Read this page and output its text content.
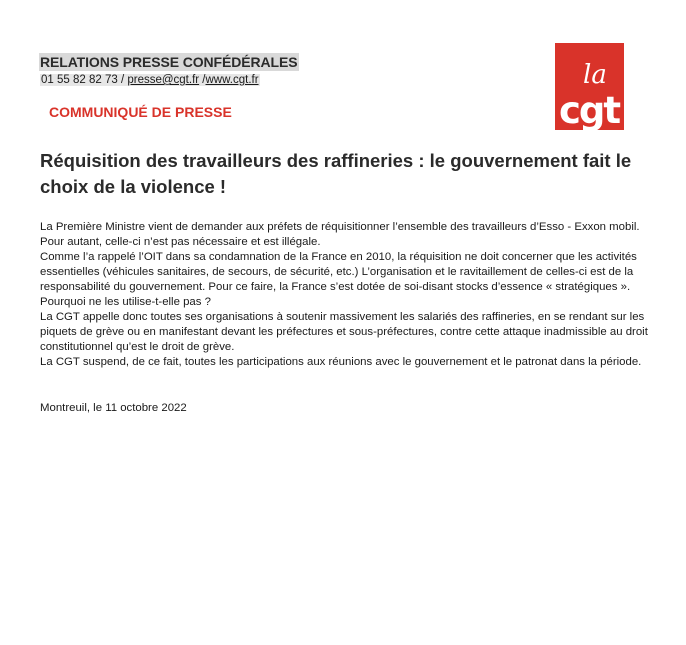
RELATIONS PRESSE CONFÉDÉRALES
01 55 82 82 73 / presse@cgt.fr /www.cgt.fr
COMMUNIQUÉ DE PRESSE
la
cgt
Réquisition des travailleurs des raffineries : le gouvernement fait le choix de la violence !

La Première Ministre vient de demander aux préfets de réquisitionner l’ensemble des travailleurs d’Esso - Exxon mobil.

Pour autant, celle-ci n’est pas nécessaire et est illégale.

Comme l’a rappelé l’OIT dans sa condamnation de la France en 2010, la réquisition ne doit concerner que les activités essentielles (véhicules sanitaires, de secours, de sécurité, etc.) L’organisation et le ravitaillement de celles-ci est de la responsabilité du gouvernement. Pour ce faire, la France s’est dotée de soi-disant stocks d’essence « stratégiques ». Pourquoi ne les utilise-t-elle pas ?

La CGT appelle donc toutes ses organisations à soutenir massivement les salariés des raffineries, en se rendant sur les piquets de grève ou en manifestant devant les préfectures et sous-préfectures, contre cette attaque inadmissible au droit constitutionnel qu’est le droit de grève.

La CGT suspend, de ce fait, toutes les participations aux réunions avec le gouvernement et le patronat dans la période.

Montreuil, le 11 octobre 2022
